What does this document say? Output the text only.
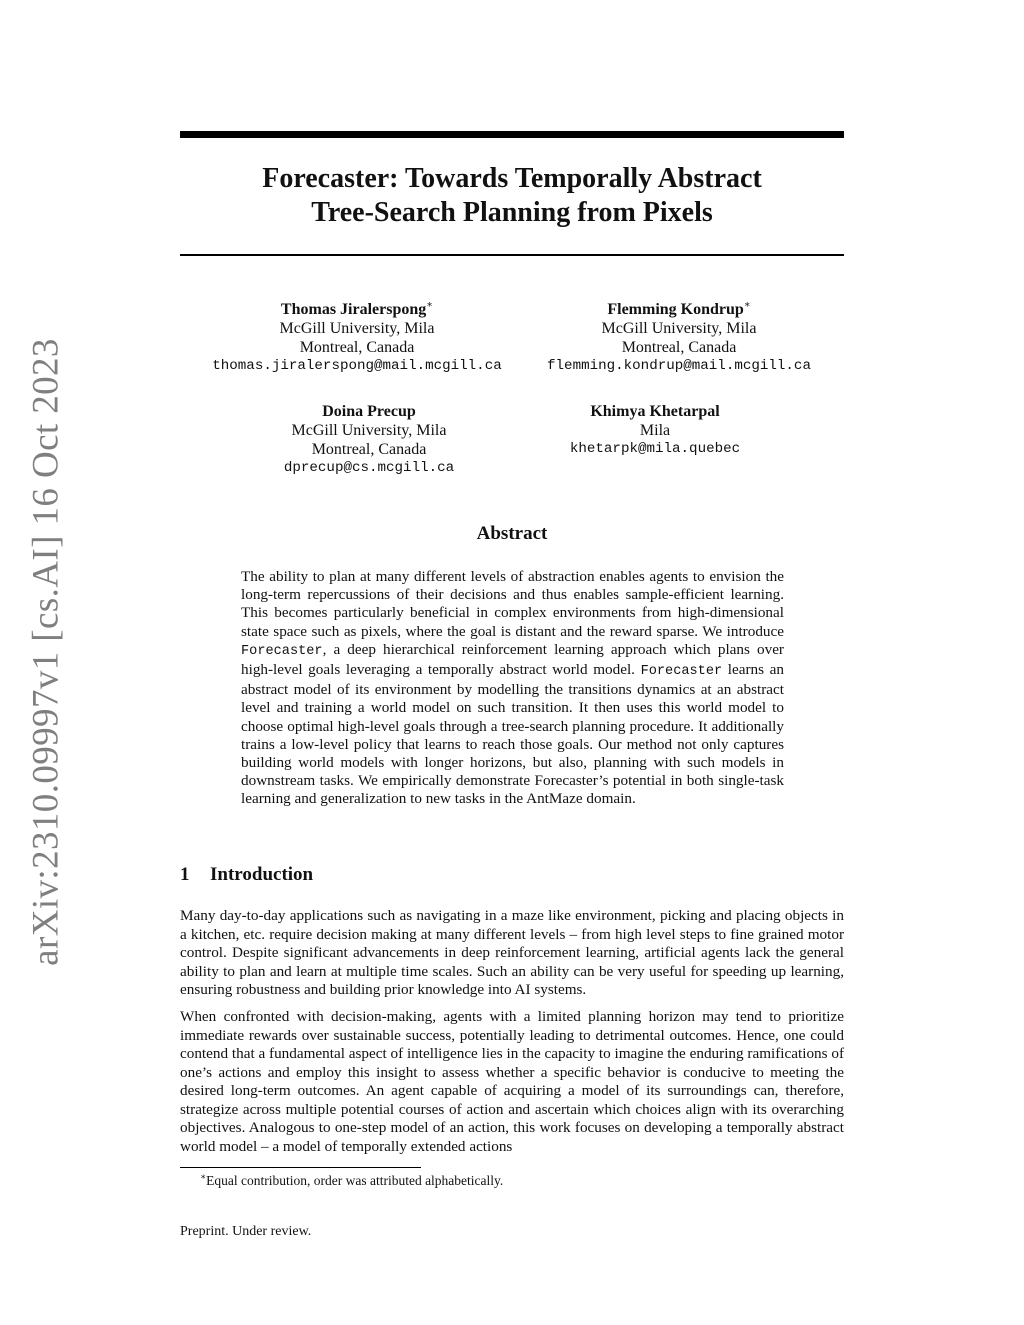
arXiv:2310.09997v1 [cs.AI] 16 Oct 2023
Forecaster: Towards Temporally Abstract
Tree-Search Planning from Pixels
Thomas Jiralerspong∗
McGill University, Mila
Montreal, Canada
thomas.jiralerspong@mail.mcgill.ca
Flemming Kondrup∗
McGill University, Mila
Montreal, Canada
flemming.kondrup@mail.mcgill.ca
Doina Precup
McGill University, Mila
Montreal, Canada
dprecup@cs.mcgill.ca
Khimya Khetarpal
Mila
khetarpk@mila.quebec
Abstract
The ability to plan at many different levels of abstraction enables agents to envision the long-term repercussions of their decisions and thus enables sample-efficient learning. This becomes particularly beneficial in complex environments from high-dimensional state space such as pixels, where the goal is distant and the reward sparse. We introduce Forecaster, a deep hierarchical reinforcement learning approach which plans over high-level goals leveraging a temporally abstract world model. Forecaster learns an abstract model of its environment by modelling the transitions dynamics at an abstract level and training a world model on such transition. It then uses this world model to choose optimal high-level goals through a tree-search planning procedure. It additionally trains a low-level policy that learns to reach those goals. Our method not only captures building world models with longer horizons, but also, planning with such models in downstream tasks. We empirically demonstrate Forecaster’s potential in both single-task learning and generalization to new tasks in the AntMaze domain.
1 Introduction
Many day-to-day applications such as navigating in a maze like environment, picking and placing objects in a kitchen, etc. require decision making at many different levels – from high level steps to fine grained motor control. Despite significant advancements in deep reinforcement learning, artificial agents lack the general ability to plan and learn at multiple time scales. Such an ability can be very useful for speeding up learning, ensuring robustness and building prior knowledge into AI systems.
When confronted with decision-making, agents with a limited planning horizon may tend to prioritize immediate rewards over sustainable success, potentially leading to detrimental outcomes. Hence, one could contend that a fundamental aspect of intelligence lies in the capacity to imagine the enduring ramifications of one’s actions and employ this insight to assess whether a specific behavior is conducive to meeting the desired long-term outcomes. An agent capable of acquiring a model of its surroundings can, therefore, strategize across multiple potential courses of action and ascertain which choices align with its overarching objectives. Analogous to one-step model of an action, this work focuses on developing a temporally abstract world model – a model of temporally extended actions
∗Equal contribution, order was attributed alphabetically.
Preprint. Under review.
